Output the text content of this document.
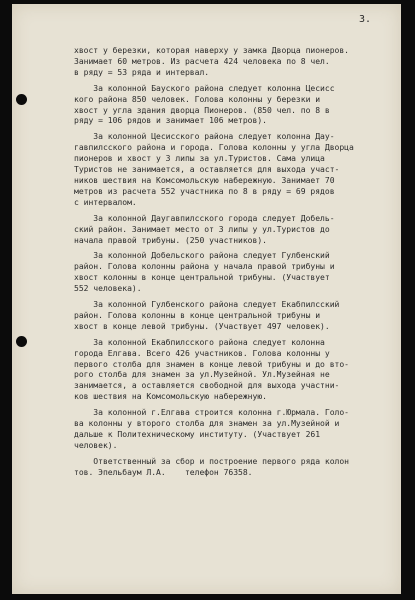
3.
хвост у березки, которая наверху у замка Дворца пионеров.
Занимает 60 метров. Из расчета 424 человека по 8 чел.
в ряду = 53 ряда и интервал.
За колонной Бауского района следует колонна Цесисс
кого района 850 человек. Голова колонны у березки и
хвост у угла здания дворца Пионеров. (850 чел. по 8 в
ряду = 106 рядов и занимает 106 метров).
За колонной Цесисского района следует колонна Дау-
гавпилсского района и города. Голова колонны у угла Дворца
пионеров и хвост у 3 липы за ул.Туристов. Сама улица
Туристов не занимается, а оставляется для выхода участ-
ников шествия на Комсомольскую набережную. Занимает 70
метров из расчета 552 участника по 8 в ряду = 69 рядов
с интервалом.
За колонной Даугавпилсского города следует Добель-
ский район. Занимает место от 3 липы у ул.Туристов до
начала правой трибуны. (250 участников).
За колонной Добельского района следует Гулбенский
район. Голова колонны района у начала правой трибуны и
хвост колонны в конце центральной трибуны. (Участвует
552 человека).
За колонной Гулбенского района следует Екабпилсский
район. Голова колонны в конце центральной трибуны и
хвост в конце левой трибуны. (Участвует 497 человек).
За колонной Екабпилсского района следует колонна
города Елгава. Всего 426 участников. Голова колонны у
первого столба для знамен в конце левой трибуны и до вто-
рого столба для знамен за ул.Музейной. Ул.Музейная не
занимается, а оставляется свободной для выхода участни-
ков шествия на Комсомольскую набережную.
За колонной г.Елгава строится колонна г.Юрмала. Голо-
ва колонны у второго столба для знамен за ул.Музейной и
дальше к Политехническому институту. (Участвует 261
человек).
Ответственный за сбор и построение первого ряда колон
тов. Эпельбаум Л.А.    телефон 76358.
